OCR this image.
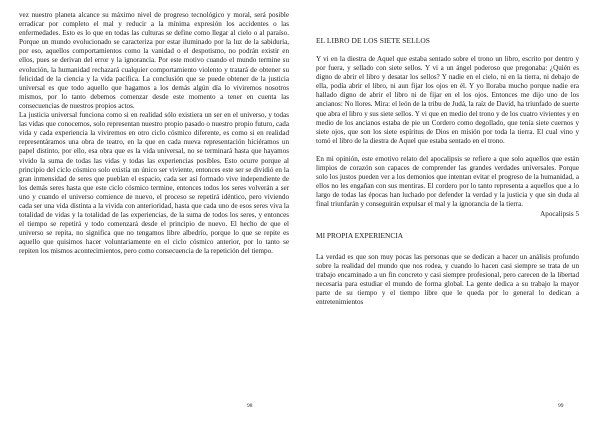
vez nuestro planeta alcance su máximo nivel de progreso tecnológico y moral, será posible erradicar por completo el mal y reducir a la mínima expresión los accidentes o las enfermedades. Esto es lo que en todas las culturas se define como llegar al cielo o al paraíso. Porque un mundo evolucionado se caracteriza por estar iluminado por la luz de la sabiduría, por eso, aquellos comportamientos como la vanidad o el despotismo, no podrán existir en ellos, pues se derivan del error y la ignorancia. Por este motivo cuando el mundo termine su evolución, la humanidad rechazará cualquier comportamiento violento y tratará de obtener su felicidad de la ciencia y la vida pacífica. La conclusión que se puede obtener de la justicia universal es que todo aquello que hagamos a los demás algún día lo viviremos nosotros mismos, por lo tanto debemos comenzar desde este momento a tener en cuenta las consecuencias de nuestros propios actos.

La justicia universal funciona como si en realidad sólo existiera un ser en el universo, y todas las vidas que conocemos, solo representan nuestro propio pasado o nuestro propio futuro, cada vida y cada experiencia la viviremos en otro ciclo cósmico diferente, es como si en realidad representáramos una obra de teatro, en la que en cada nueva representación hiciéramos un papel distinto, por ello, esa obra que es la vida universal, no se terminará hasta que hayamos vivido la suma de todas las vidas y todas las experiencias posibles. Esto ocurre porque al principio del ciclo cósmico solo existía un único ser viviente, entonces este ser se dividió en la gran inmensidad de seres que pueblan el espacio, cada ser así formado vive independiente de los demás seres hasta que este ciclo cósmico termine, entonces todos los seres volverán a ser uno y cuando el universo comience de nuevo, el proceso se repetirá idéntico, pero viviendo cada ser una vida distinta a la vivida con anterioridad, hasta que cada uno de esos seres viva la totalidad de vidas y la totalidad de las experiencias, de la suma de todos los seres, y entonces el tiempo se repetirá y todo comenzará desde el principio de nuevo. El hecho de que el universo se repita, no significa que no tengamos libre albedrío, porque lo que se repite es aquello que quisimos hacer voluntariamente en el ciclo cósmico anterior, por lo tanto se repiten los mismos acontecimientos, pero como consecuencia de la repetición del tiempo.

98
EL LIBRO DE LOS SIETE SELLOS

Y vi en la diestra de Aquel que estaba sentado sobre el trono un libro, escrito por dentro y por fuera, y sellado con siete sellos. Y vi a un ángel poderoso que pregonaba: ¿Quién es digno de abrir el libro y desatar los sellos? Y nadie en el cielo, ni en la tierra, ni debajo de ella, podía abrir el libro, ni aun fijar los ojos en él. Y yo lloraba mucho porque nadie era hallado digno de abrir el libro ni de fijar en el los ojos. Entonces me dijo uno de los ancianos: No llores. Mira: el león de la tribu de Judá, la raíz de David, ha triunfado de suerte que abra el libro y sus siete sellos. Y vi que en medio del trono y de los cuatro vivientes y en medio de los ancianos estaba de pie un Cordero como degollado, que tenía siete cuernos y siete ojos, que son los siete espíritus de Dios en misión por toda la tierra. El cual vino y tomó el libro de la diestra de Aquel que estaba sentado en el trono.

En mi opinión, este emotivo relato del apocalipsis se refiere a que solo aquellos que están limpios de corazón son capaces de comprender las grandes verdades universales. Porque solo los justos pueden ver a los demonios que intentan evitar el progreso de la humanidad, a ellos no les engañan con sus mentiras. El cordero por lo tanto representa a aquellos que a lo largo de todas las épocas han luchado por defender la verdad y la justicia y que sin duda al final triunfarán y conseguirán expulsar el mal y la ignorancia de la tierra.

Apocalipsis 5

MI PROPIA EXPERIENCIA

La verdad es que son muy pocas las personas que se dedican a hacer un análisis profundo sobre la realidad del mundo que nos rodea, y cuando lo hacen casi siempre se trata de un trabajo encaminado a un fin concreto y casi siempre profesional, pero carecen de la libertad necesaria para estudiar el mundo de forma global. La gente dedica a su trabajo la mayor parte de su tiempo y el tiempo libre que le queda por lo general lo dedican a entretenimientos

99
